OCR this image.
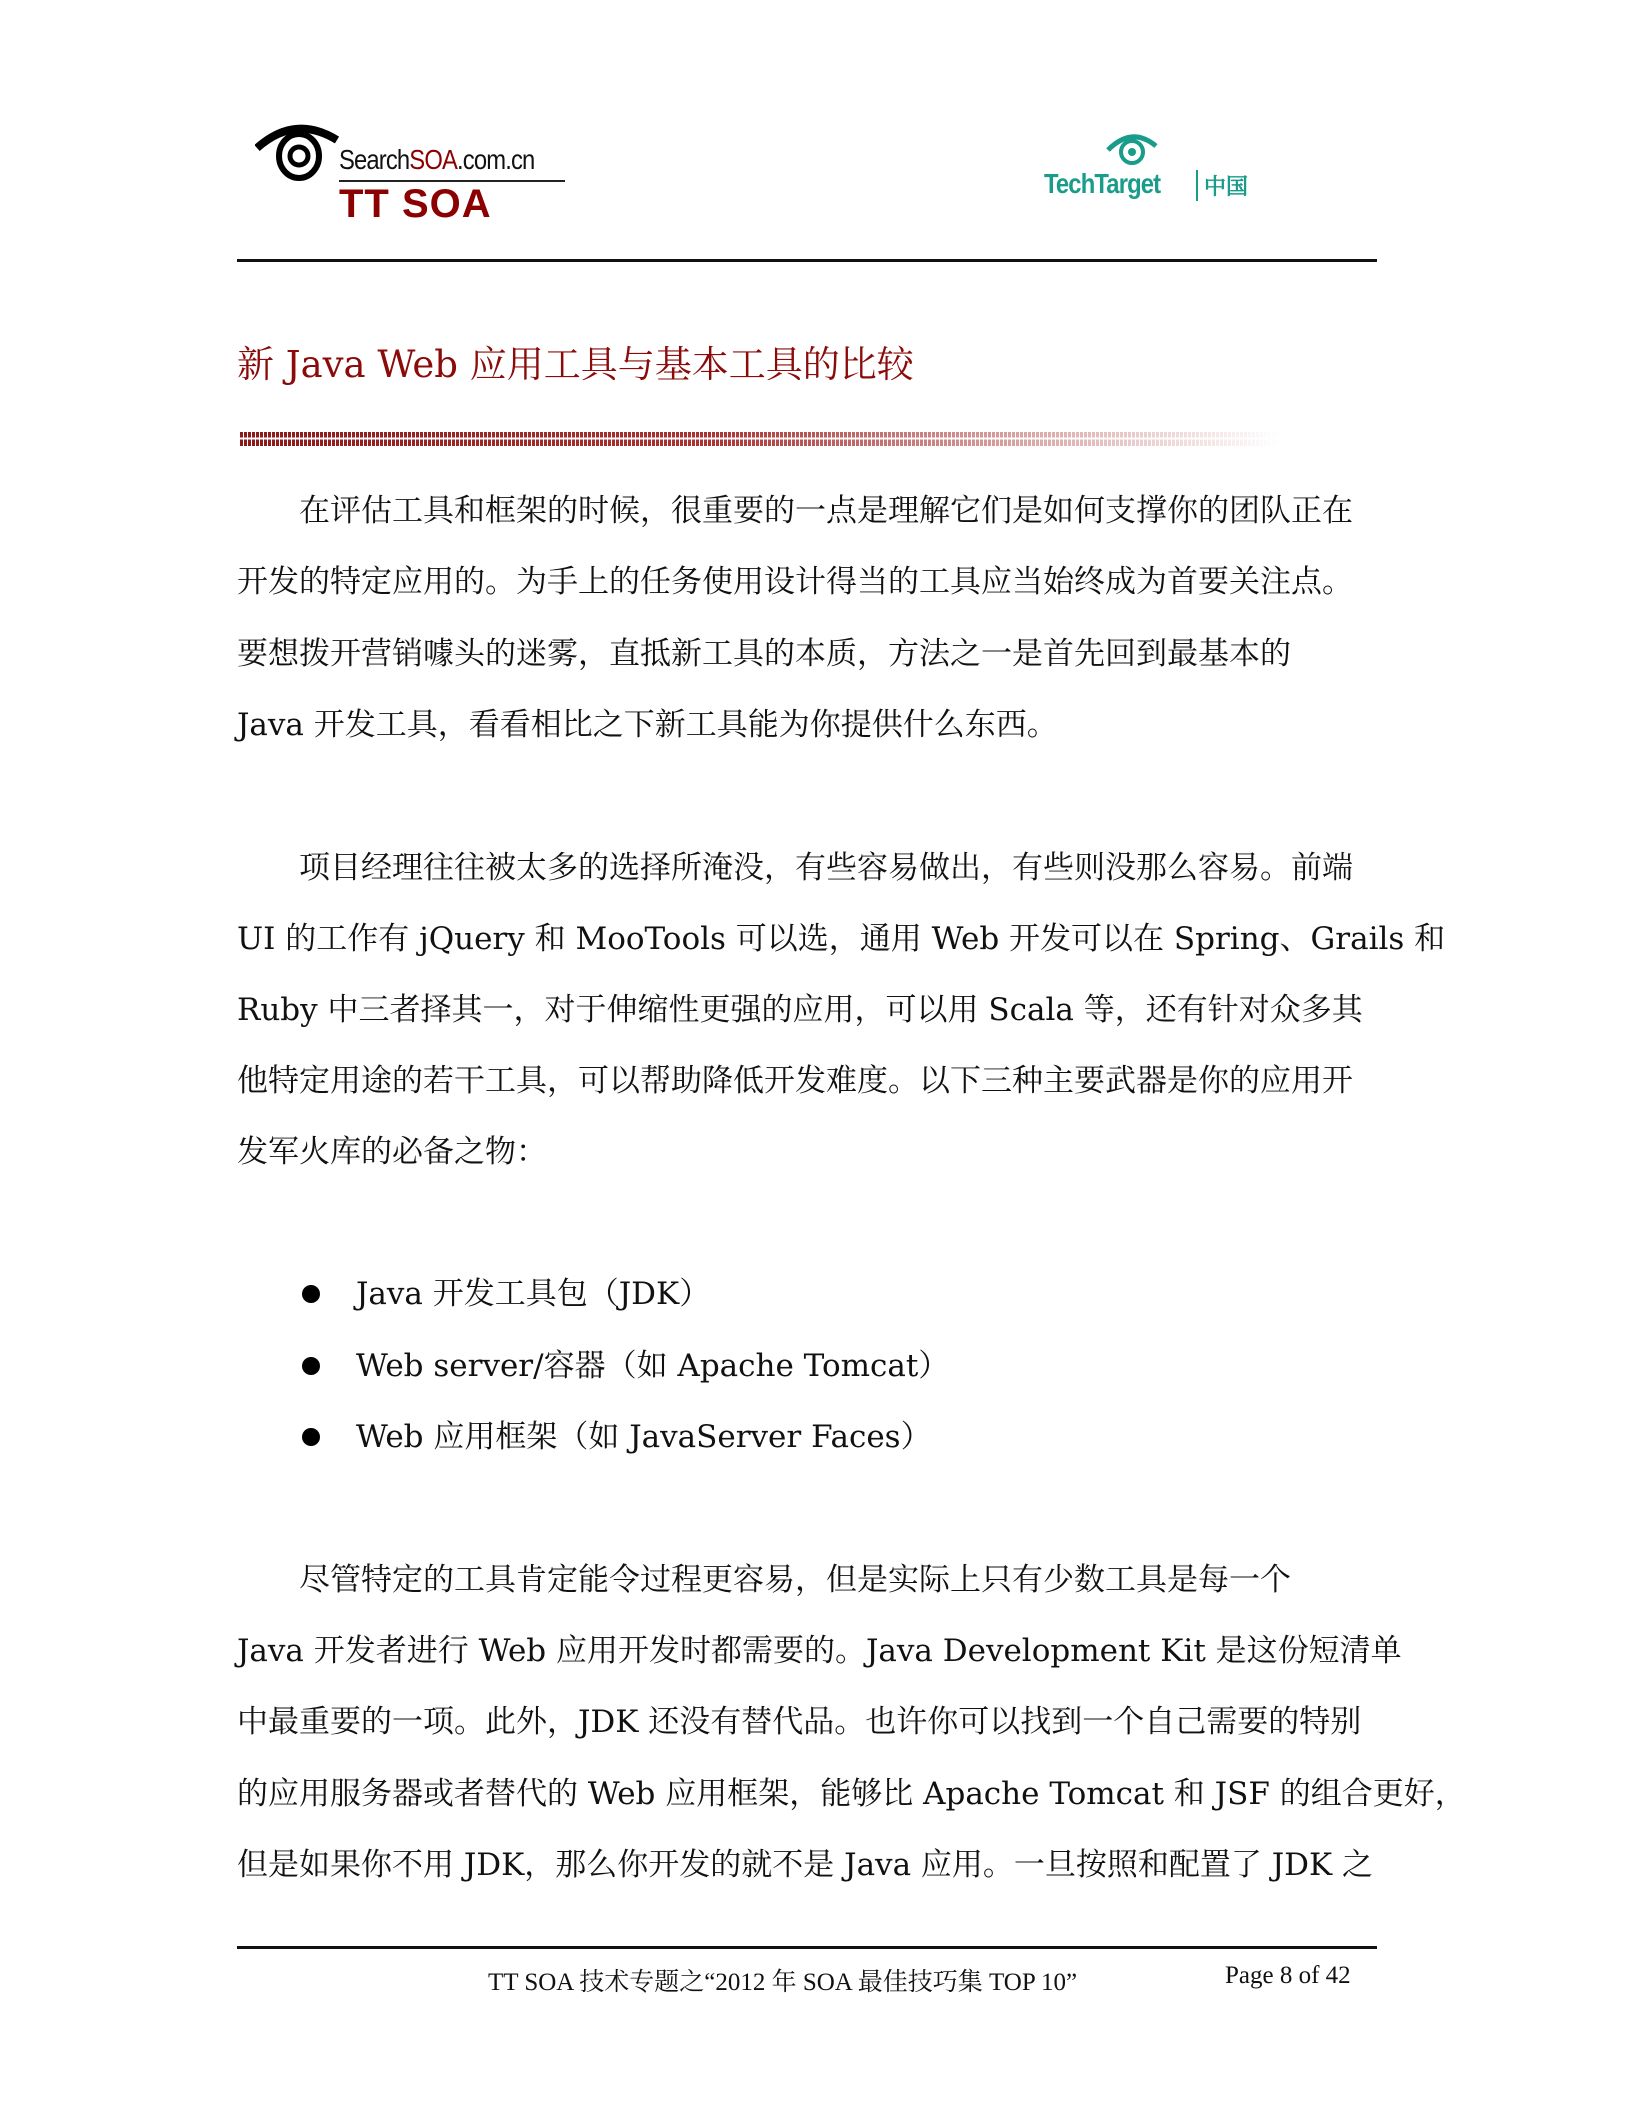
SearchSOA.com.cn
TT SOA	TechTarget	中国
新 Java Web 应用工具与基本工具的比较
　　在评估工具和框架的时候，很重要的一点是理解它们是如何支撑你的团队正在
开发的特定应用的。为手上的任务使用设计得当的工具应当始终成为首要关注点。
要想拨开营销噱头的迷雾，直抵新工具的本质，方法之一是首先回到最基本的
Java 开发工具，看看相比之下新工具能为你提供什么东西。
　　项目经理往往被太多的选择所淹没，有些容易做出，有些则没那么容易。前端
UI 的工作有 jQuery 和 MooTools 可以选，通用 Web 开发可以在 Spring、Grails 和
Ruby 中三者择其一，对于伸缩性更强的应用，可以用 Scala 等，还有针对众多其
他特定用途的若干工具，可以帮助降低开发难度。以下三种主要武器是你的应用开
发军火库的必备之物：
Java 开发工具包（JDK）
Web server/容器（如 Apache Tomcat）
Web 应用框架（如 JavaServer Faces）
　　尽管特定的工具肯定能令过程更容易，但是实际上只有少数工具是每一个
Java 开发者进行 Web 应用开发时都需要的。Java Development Kit 是这份短清单
中最重要的一项。此外，JDK 还没有替代品。也许你可以找到一个自己需要的特别
的应用服务器或者替代的 Web 应用框架，能够比 Apache Tomcat 和 JSF 的组合更好，
但是如果你不用 JDK，那么你开发的就不是 Java 应用。一旦按照和配置了 JDK 之
TT SOA 技术专题之“2012 年 SOA 最佳技巧集 TOP 10”	Page 8 of 42
